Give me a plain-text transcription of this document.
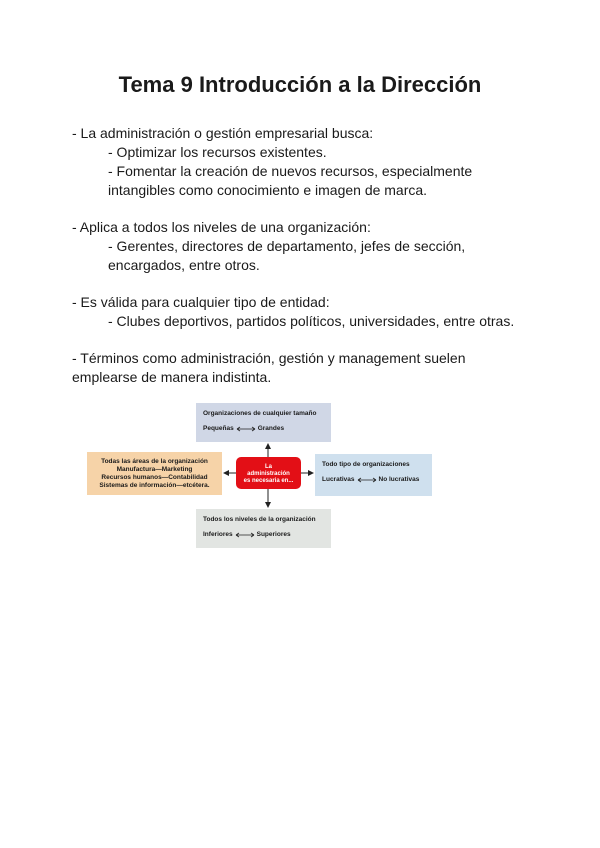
Tema 9 Introducción a la Dirección

- La administración o gestión empresarial busca:

- Optimizar los recursos existentes.

- Fomentar la creación de nuevos recursos, especialmente

intangibles como conocimiento e imagen de marca.

- Aplica a todos los niveles de una organización:

- Gerentes, directores de departamento, jefes de sección,

encargados, entre otros.

- Es válida para cualquier tipo de entidad:

- Clubes deportivos, partidos políticos, universidades, entre otras.

- Términos como administración, gestión y management suelen

emplearse de manera indistinta.

Organizaciones de cualquier tamaño
Pequeñas	Grandes
Todos los niveles de la organización
Inferiores	Superiores
Todo tipo de organizaciones
Lucrativas	No lucrativas
Todas las áreas de la organización
Manufactura—Marketing
Recursos humanos—Contabilidad
Sistemas de información—etcétera.
La
administración
es necesaria en...
